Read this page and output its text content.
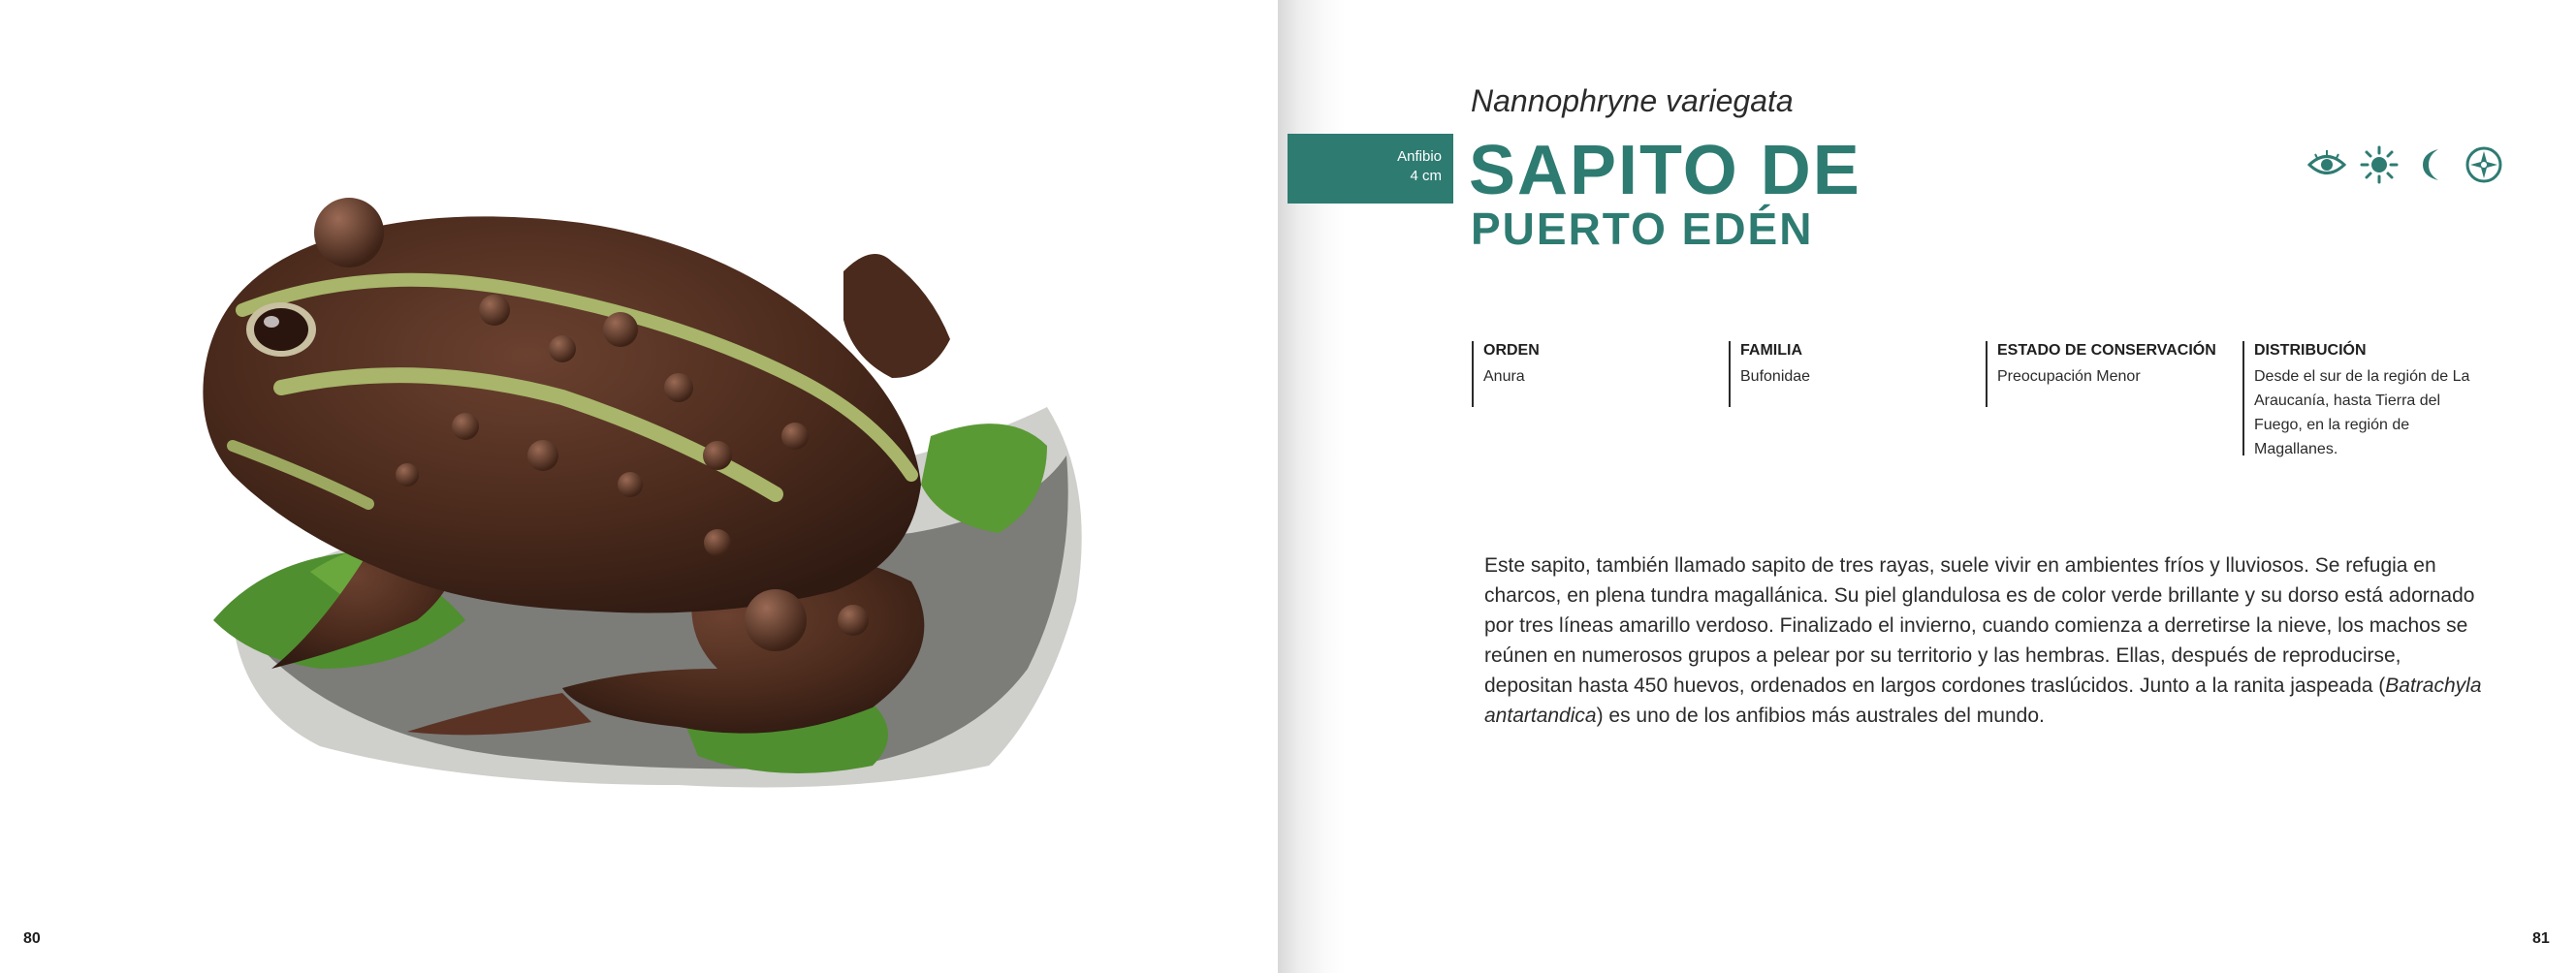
80
Nannophryne variegata
Anfibio
4 cm SAPITO DE
PUERTO EDÉN
ORDEN
Anura
FAMILIA
Bufonidae
ESTADO DE CONSERVACIÓN
Preocupación Menor
DISTRIBUCIÓN
Desde el sur de la región de La Araucanía, hasta Tierra del Fuego, en la región de Magallanes.

Este sapito, también llamado sapito de tres rayas, suele vivir en ambientes fríos y lluviosos. Se refugia en charcos, en plena tundra magallánica. Su piel glandulosa es de color verde brillante y su dorso está adornado por tres líneas amarillo verdoso. Finalizado el invierno, cuando comienza a derretirse la nieve, los machos se reúnen en numerosos grupos a pelear por su territorio y las hembras. Ellas, después de reproducirse, depositan hasta 450 huevos, ordenados en largos cordones traslúcidos. Junto a la ranita jaspeada (Batrachyla antartandica) es uno de los anfibios más australes del mundo.

81
